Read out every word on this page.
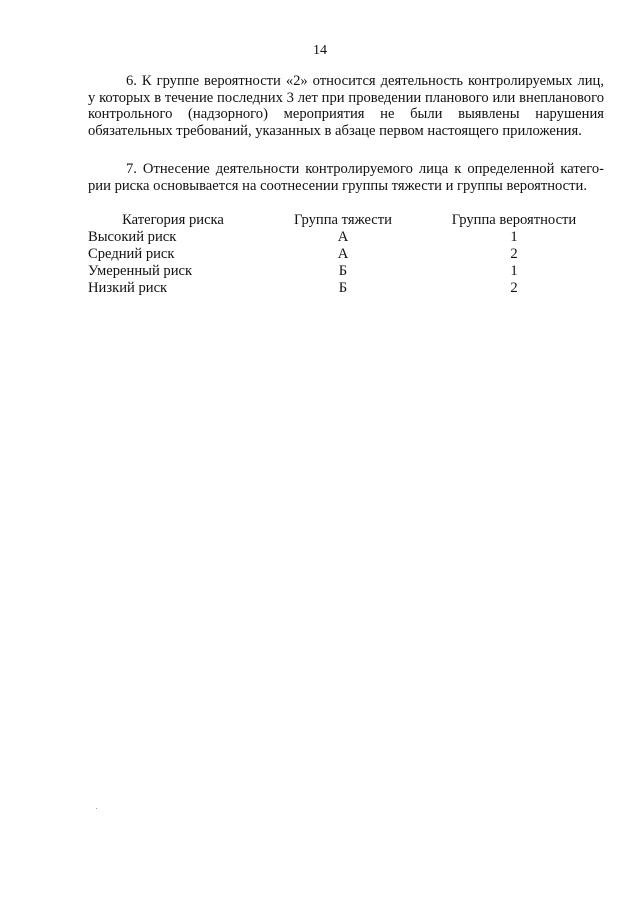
14

6. К группе вероятности «2» относится деятельность контролируемых лиц, у которых в течение последних 3 лет при проведении планового или внепланового контрольного (надзорного) мероприятия не были выявлены нарушения обязательных требований, указанных в абзаце первом настоящего приложения.

7. Отнесение деятельности контролируемого лица к определенной категории риска основывается на соотнесении группы тяжести и группы вероятности.

Категория риска	Группа тяжести	Группа вероятности
Высокий риск	А	1
Средний риск	А	2
Умеренный риск	Б	1
Низкий риск	Б	2
